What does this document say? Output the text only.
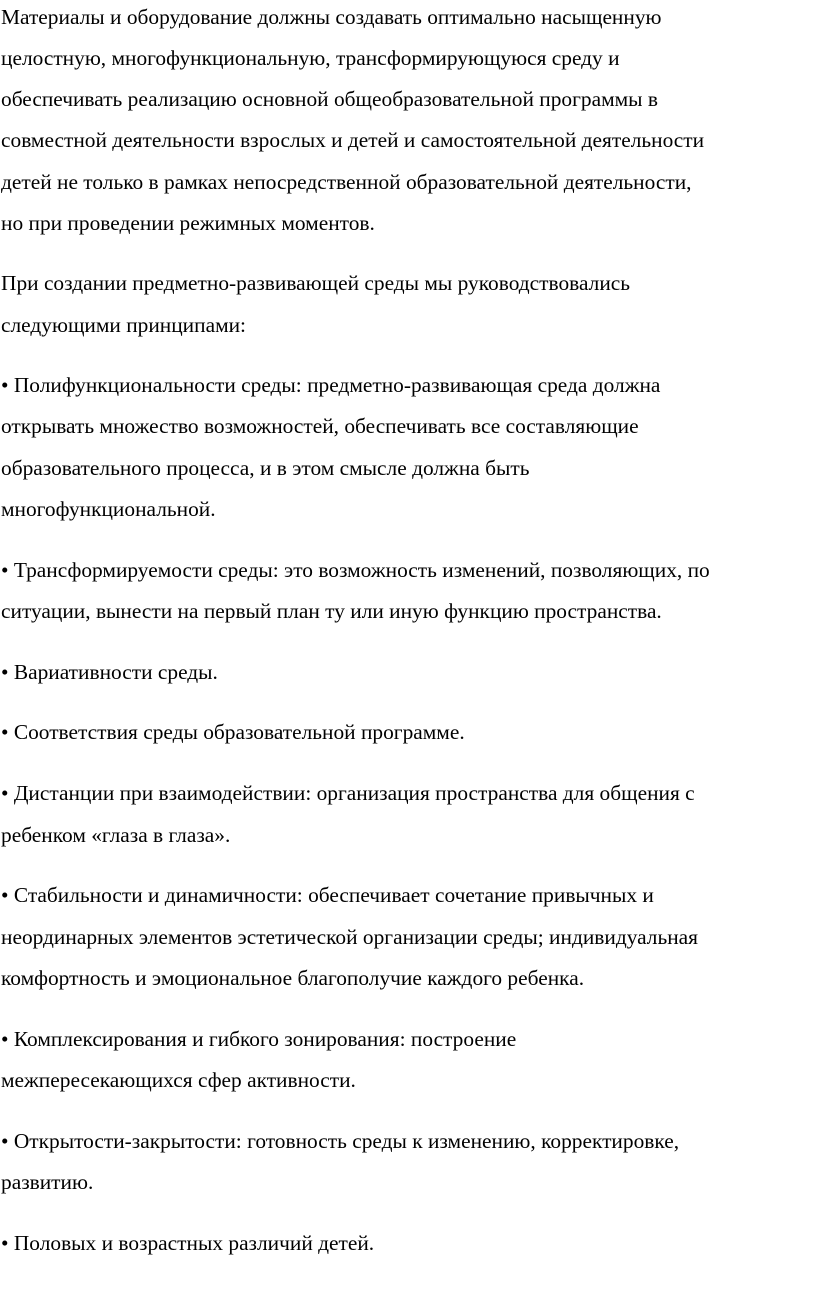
Материалы и оборудование должны создавать оптимально насыщенную
целостную, многофункциональную, трансформирующуюся среду и
обеспечивать реализацию основной общеобразовательной программы в
совместной деятельности взрослых и детей и самостоятельной деятельности
детей не только в рамках непосредственной образовательной деятельности,
но при проведении режимных моментов.
При создании предметно-развивающей среды мы руководствовались
следующими принципами:
• Полифункциональности среды: предметно-развивающая среда должна
открывать множество возможностей, обеспечивать все составляющие
образовательного процесса, и в этом смысле должна быть
многофункциональной.
• Трансформируемости среды: это возможность изменений, позволяющих, по
ситуации, вынести на первый план ту или иную функцию пространства.
• Вариативности среды.
• Соответствия среды образовательной программе.
• Дистанции при взаимодействии: организация пространства для общения с
ребенком «глаза в глаза».
• Стабильности и динамичности: обеспечивает сочетание привычных и
неординарных элементов эстетической организации среды; индивидуальная
комфортность и эмоциональное благополучие каждого ребенка.
• Комплексирования и гибкого зонирования: построение
межпересекающихся сфер активности.
• Открытости-закрытости: готовность среды к изменению, корректировке,
развитию.
• Половых и возрастных различий детей.
